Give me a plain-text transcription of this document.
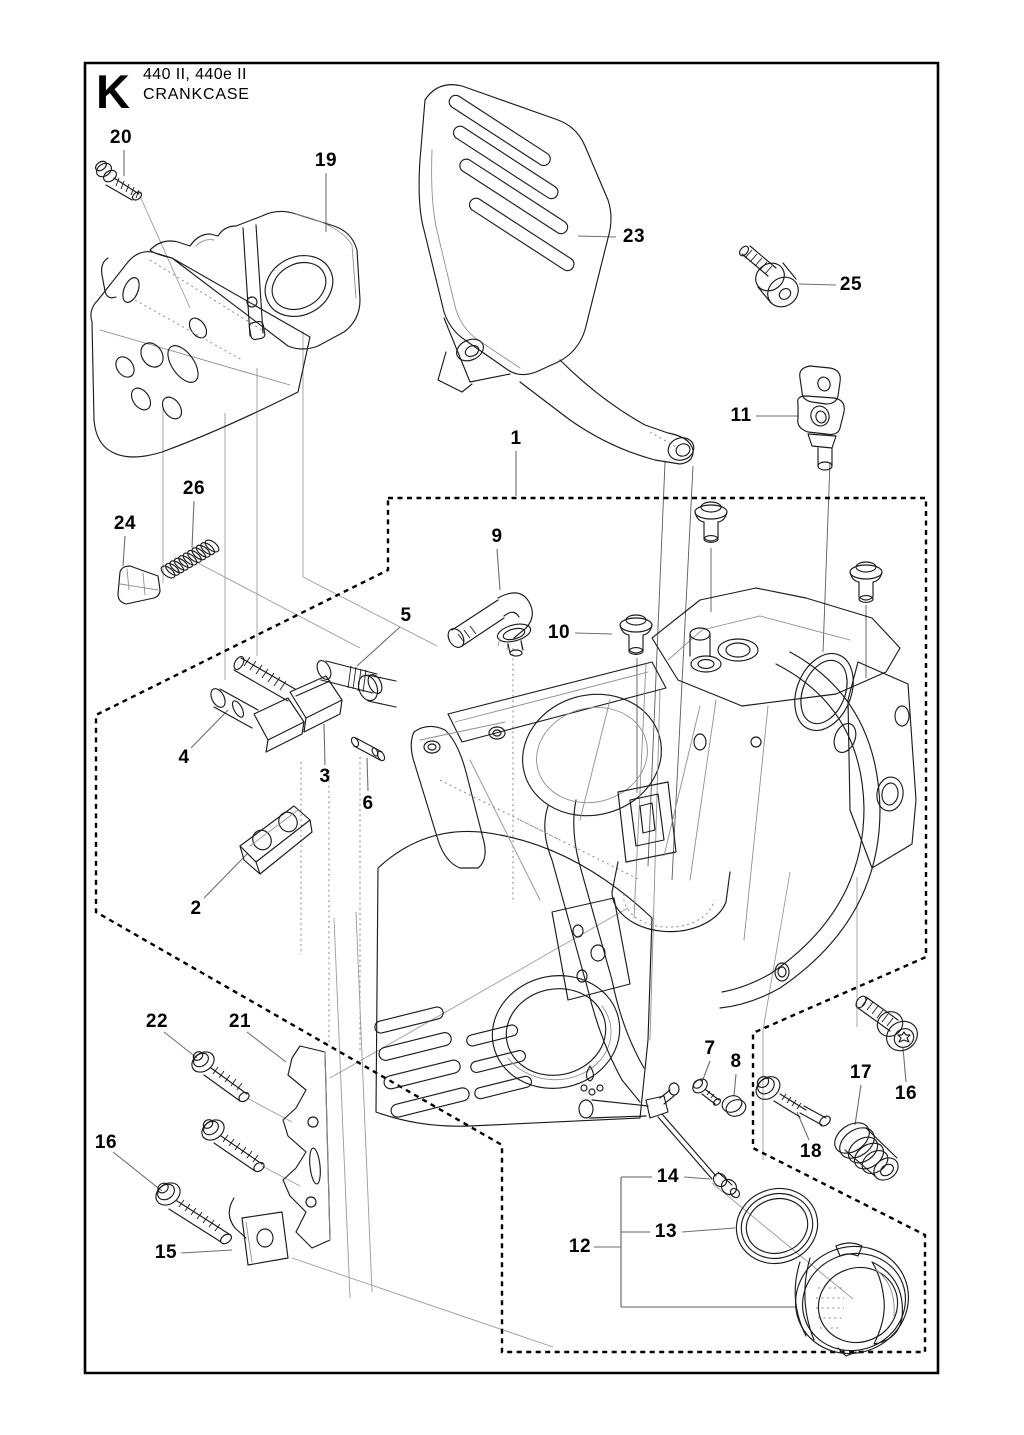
K 440 II, 440e II
CRANKCASE
20
19
23
25
11
1
26
24
9
5
10
4
3
6
2
22	21
7
8
17
16
16	18
15
14
13
12
